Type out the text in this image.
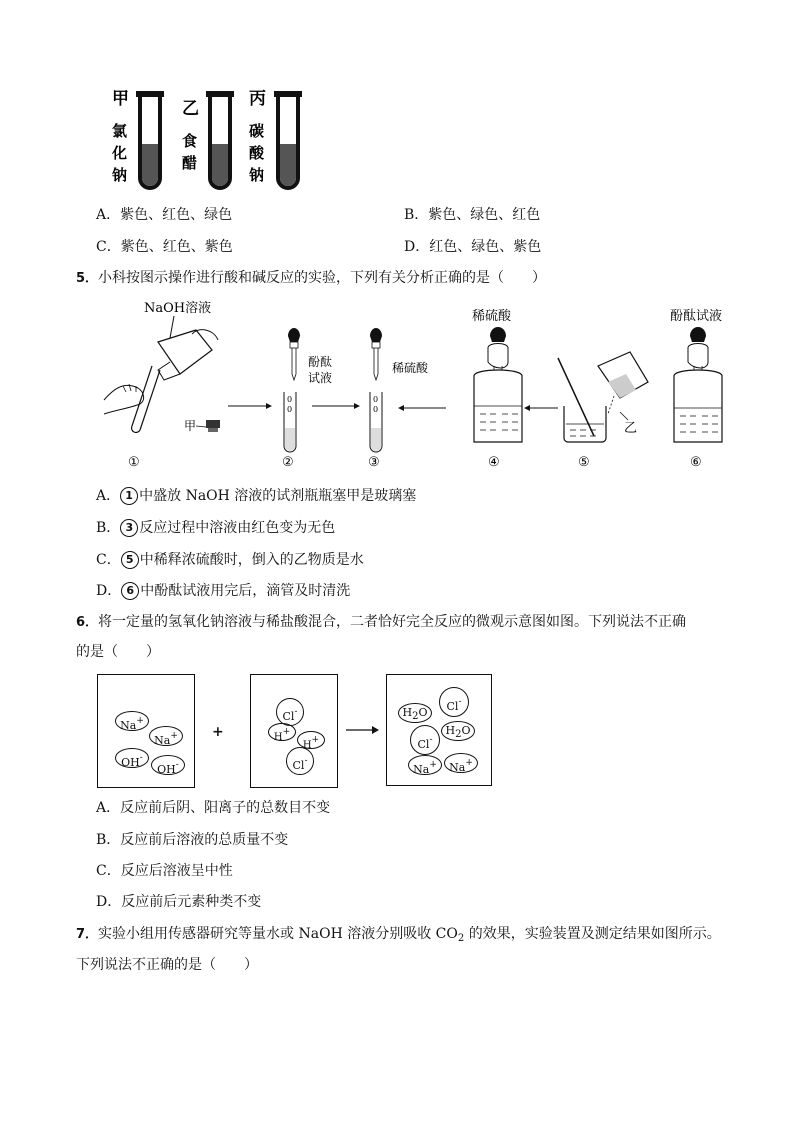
甲
氯
化
钠
乙
食
醋
丙
碳
酸
钠
A．紫色、红色、绿色	B．紫色、绿色、红色
C．紫色、红色、紫色	D．红色、绿色、紫色
5．小科按图示操作进行酸和碱反应的实验，下列有关分析正确的是（　　）
NaOH溶液
甲
①
酚酞
试液
0
0
②
稀硫酸
0
0
③
稀硫酸
④
乙
⑤
酚酞试液
⑥
A． 1 中盛放 NaOH 溶液的试剂瓶瓶塞甲是玻璃塞
B． 3 反应过程中溶液由红色变为无色
C． 5 中稀释浓硫酸时，倒入的乙物质是水
D． 6 中酚酞试液用完后，滴管及时清洗
6．将一定量的氢氧化钠溶液与稀盐酸混合，二者恰好完全反应的微观示意图如图。下列说法不正确
的是（　　）
Na+
Na+
OH-
OH-
+
Cl-
H+
H+
Cl-
H2O	Cl-
H2O
Cl-
Na+	Na+
A．反应前后阴、阳离子的总数目不变
B．反应前后溶液的总质量不变
C．反应后溶液呈中性
D．反应前后元素种类不变
7．实验小组用传感器研究等量水或 NaOH 溶液分别吸收 $CO_2$ 的效果，实验装置及测定结果如图所示。
下列说法不正确的是（　　）
